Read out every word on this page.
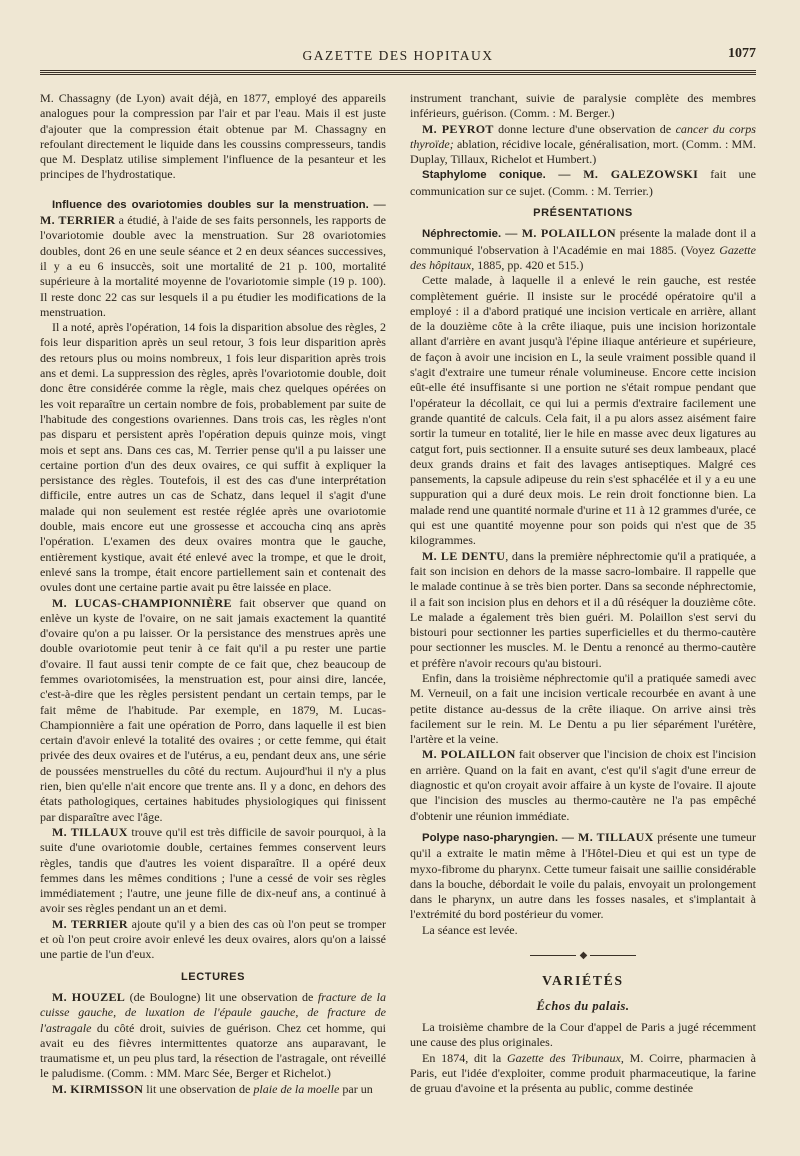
GAZETTE DES HOPITAUX	1077

M. Chassagny (de Lyon) avait déjà, en 1877, employé des appareils analogues pour la compression par l'air et par l'eau. Mais il est juste d'ajouter que la compression était obtenue par M. Chassagny en refoulant directement le liquide dans les coussins compresseurs, tandis que M. Desplatz utilise simplement l'influence de la pesanteur et les principes de l'hydrostatique.

Influence des ovariotomies doubles sur la menstruation. — M. TERRIER a étudié, à l'aide de ses faits personnels, les rapports de l'ovariotomie double avec la menstruation. Sur 28 ovariotomies doubles, dont 26 en une seule séance et 2 en deux séances successives, il y a eu 6 insuccès, soit une mortalité de 21 p. 100, mortalité supérieure à la mortalité moyenne de l'ovariotomie simple (19 p. 100). Il reste donc 22 cas sur lesquels il a pu étudier les modifications de la menstruation.

Il a noté, après l'opération, 14 fois la disparition absolue des règles, 2 fois leur disparition après un seul retour, 3 fois leur disparition après des retours plus ou moins nombreux, 1 fois leur disparition après trois ans et demi. La suppression des règles, après l'ovariotomie double, doit donc être considérée comme la règle, mais chez quelques opérées on les voit reparaître un certain nombre de fois, probablement par suite de l'habitude des congestions ovariennes. Dans trois cas, les règles n'ont pas disparu et persistent après l'opération depuis quinze mois, vingt mois et sept ans. Dans ces cas, M. Terrier pense qu'il a pu laisser une certaine portion d'un des deux ovaires, ce qui suffit à expliquer la persistance des règles. Toutefois, il est des cas d'une interprétation difficile, entre autres un cas de Schatz, dans lequel il s'agit d'une malade qui non seulement est restée réglée après une ovariotomie double, mais encore eut une grossesse et accoucha cinq ans après l'opération. L'examen des deux ovaires montra que le gauche, entièrement kystique, avait été enlevé avec la trompe, et que le droit, enlevé sans la trompe, était encore partiellement sain et contenait des ovules dont une certaine partie avait pu être laissée en place.

M. LUCAS-CHAMPIONNIÈRE fait observer que quand on enlève un kyste de l'ovaire, on ne sait jamais exactement la quantité d'ovaire qu'on a pu laisser. Or la persistance des menstrues après une double ovariotomie peut tenir à ce fait qu'il a pu rester une partie d'ovaire. Il faut aussi tenir compte de ce fait que, chez beaucoup de femmes ovariotomisées, la menstruation est, pour ainsi dire, lancée, c'est-à-dire que les règles persistent pendant un certain temps, par le fait même de l'habitude. Par exemple, en 1879, M. Lucas-Championnière a fait une opération de Porro, dans laquelle il est bien certain d'avoir enlevé la totalité des ovaires ; or cette femme, qui était privée des deux ovaires et de l'utérus, a eu, pendant deux ans, une série de poussées menstruelles du côté du rectum. Aujourd'hui il n'y a plus rien, bien qu'elle n'ait encore que trente ans. Il y a donc, en dehors des états pathologiques, certaines habitudes physiologiques qui finissent par disparaître avec l'âge.

M. TILLAUX trouve qu'il est très difficile de savoir pourquoi, à la suite d'une ovariotomie double, certaines femmes conservent leurs règles, tandis que d'autres les voient disparaître. Il a opéré deux femmes dans les mêmes conditions ; l'une a cessé de voir ses règles immédiatement ; l'autre, une jeune fille de dix-neuf ans, a continué à avoir ses règles pendant un an et demi.

M. TERRIER ajoute qu'il y a bien des cas où l'on peut se tromper et où l'on peut croire avoir enlevé les deux ovaires, alors qu'on a laissé une partie de l'un d'eux.

LECTURES

M. HOUZEL (de Boulogne) lit une observation de fracture de la cuisse gauche, de luxation de l'épaule gauche, de fracture de l'astragale du côté droit, suivies de guérison. Chez cet homme, qui avait eu des fièvres intermittentes quatorze ans auparavant, le traumatisme et, un peu plus tard, la résection de l'astragale, ont réveillé le paludisme. (Comm. : MM. Marc Sée, Berger et Richelot.)

M. KIRMISSON lit une observation de plaie de la moelle par un

instrument tranchant, suivie de paralysie complète des membres inférieurs, guérison. (Comm. : M. Berger.)

M. PEYROT donne lecture d'une observation de cancer du corps thyroïde; ablation, récidive locale, généralisation, mort. (Comm. : MM. Duplay, Tillaux, Richelot et Humbert.)

Staphylome conique. — M. GALEZOWSKI fait une communication sur ce sujet. (Comm. : M. Terrier.)

PRÉSENTATIONS

Néphrectomie. — M. POLAILLON présente la malade dont il a communiqué l'observation à l'Académie en mai 1885. (Voyez Gazette des hôpitaux, 1885, pp. 420 et 515.)

Cette malade, à laquelle il a enlevé le rein gauche, est restée complètement guérie. Il insiste sur le procédé opératoire qu'il a employé : il a d'abord pratiqué une incision verticale en arrière, allant de la douzième côte à la crête iliaque, puis une incision horizontale allant d'arrière en avant jusqu'à l'épine iliaque antérieure et supérieure, de façon à avoir une incision en L, la seule vraiment possible quand il s'agit d'extraire une tumeur rénale volumineuse. Encore cette incision eût-elle été insuffisante si une portion ne s'était rompue pendant que l'opérateur la décollait, ce qui lui a permis d'extraire facilement une grande quantité de calculs. Cela fait, il a pu alors assez aisément faire sortir la tumeur en totalité, lier le hile en masse avec deux ligatures au catgut fort, puis sectionner. Il a ensuite suturé ses deux lambeaux, placé deux grands drains et fait des lavages antiseptiques. Malgré ces pansements, la capsule adipeuse du rein s'est sphacélée et il y a eu une suppuration qui a duré deux mois. Le rein droit fonctionne bien. La malade rend une quantité normale d'urine et 11 à 12 grammes d'urée, ce qui est une quantité moyenne pour son poids qui n'est que de 35 kilogrammes.

M. LE DENTU, dans la première néphrectomie qu'il a pratiquée, a fait son incision en dehors de la masse sacro-lombaire. Il rappelle que le malade continue à se très bien porter. Dans sa seconde néphrectomie, il a fait son incision plus en dehors et il a dû réséquer la douzième côte. Le malade a également très bien guéri. M. Polaillon s'est servi du bistouri pour sectionner les parties superficielles et du thermo-cautère pour sectionner les muscles. M. le Dentu a renoncé au thermo-cautère et préfère n'avoir recours qu'au bistouri.

Enfin, dans la troisième néphrectomie qu'il a pratiquée samedi avec M. Verneuil, on a fait une incision verticale recourbée en avant à une petite distance au-dessus de la crête iliaque. On arrive ainsi très facilement sur le rein. M. Le Dentu a pu lier séparément l'urétère, l'artère et la veine.

M. POLAILLON fait observer que l'incision de choix est l'incision en arrière. Quand on la fait en avant, c'est qu'il s'agit d'une erreur de diagnostic et qu'on croyait avoir affaire à un kyste de l'ovaire. Il ajoute que l'incision des muscles au thermo-cautère ne l'a pas empêché d'obtenir une réunion immédiate.

Polype naso-pharyngien. — M. TILLAUX présente une tumeur qu'il a extraite le matin même à l'Hôtel-Dieu et qui est un type de myxo-fibrome du pharynx. Cette tumeur faisait une saillie considérable dans la bouche, débordait le voile du palais, envoyait un prolongement dans le pharynx, un autre dans les fosses nasales, et s'implantait à l'extrémité du bord postérieur du vomer.

La séance est levée.

◆
VARIÉTÉS
Échos du palais.

La troisième chambre de la Cour d'appel de Paris a jugé récemment une cause des plus originales.

En 1874, dit la Gazette des Tribunaux, M. Coirre, pharmacien à Paris, eut l'idée d'exploiter, comme produit pharmaceutique, la farine de gruau d'avoine et la présenta au public, comme destinée
